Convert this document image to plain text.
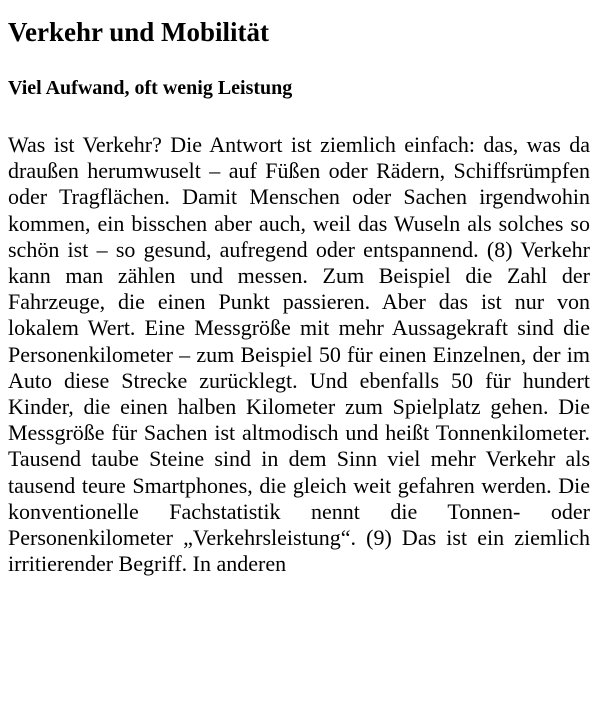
Verkehr und Mobilität
Viel Aufwand, oft wenig Leistung

Was ist Verkehr? Die Antwort ist ziemlich einfach: das, was da draußen herumwuselt – auf Füßen oder Rädern, Schiffsrümpfen oder Tragflächen. Damit Menschen oder Sachen irgendwohin kommen, ein bisschen aber auch, weil das Wuseln als solches so schön ist – so gesund, aufregend oder entspannend. (8) Verkehr kann man zählen und messen. Zum Beispiel die Zahl der Fahrzeuge, die einen Punkt passieren. Aber das ist nur von lokalem Wert. Eine Messgröße mit mehr Aussagekraft sind die Personenkilometer – zum Beispiel 50 für einen Einzelnen, der im Auto diese Strecke zurücklegt. Und ebenfalls 50 für hundert Kinder, die einen halben Kilometer zum Spielplatz gehen. Die Messgröße für Sachen ist altmodisch und heißt Tonnenkilometer. Tausend taube Steine sind in dem Sinn viel mehr Verkehr als tausend teure Smartphones, die gleich weit gefahren werden. Die konventionelle Fachstatistik nennt die Tonnen- oder Personenkilometer „Verkehrsleistung“. (9) Das ist ein ziemlich irritierender Begriff. In anderen
